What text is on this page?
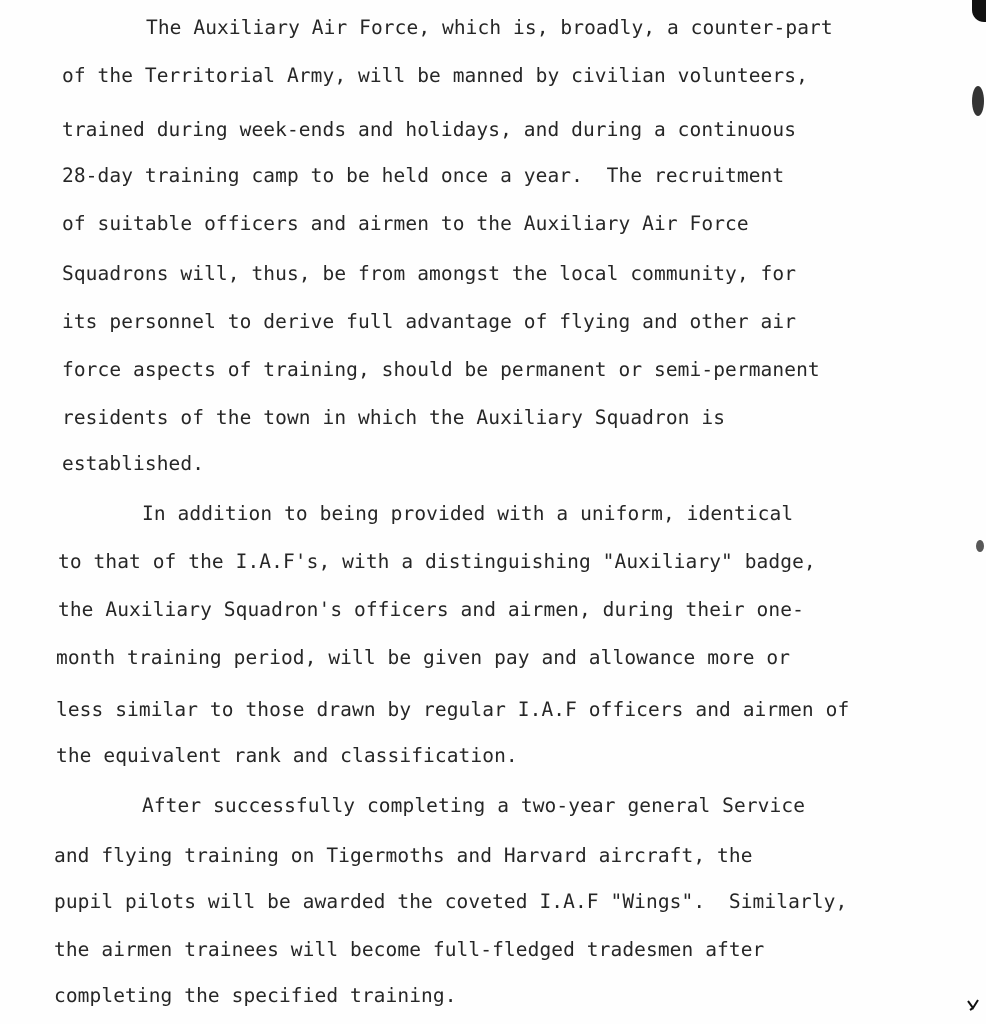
The Auxiliary Air Force, which is, broadly, a counter-part
of the Territorial Army, will be manned by civilian volunteers,
trained during week-ends and holidays, and during a continuous
28-day training camp to be held once a year.  The recruitment
of suitable officers and airmen to the Auxiliary Air Force
Squadrons will, thus, be from amongst the local community, for
its personnel to derive full advantage of flying and other air
force aspects of training, should be permanent or semi-permanent
residents of the town in which the Auxiliary Squadron is
established.
In addition to being provided with a uniform, identical
to that of the I.A.F's, with a distinguishing "Auxiliary" badge,
the Auxiliary Squadron's officers and airmen, during their one-
month training period, will be given pay and allowance more or
less similar to those drawn by regular I.A.F officers and airmen of
the equivalent rank and classification.
After successfully completing a two-year general Service
and flying training on Tigermoths and Harvard aircraft, the
pupil pilots will be awarded the coveted I.A.F "Wings".  Similarly,
the airmen trainees will become full-fledged tradesmen after
completing the specified training.
